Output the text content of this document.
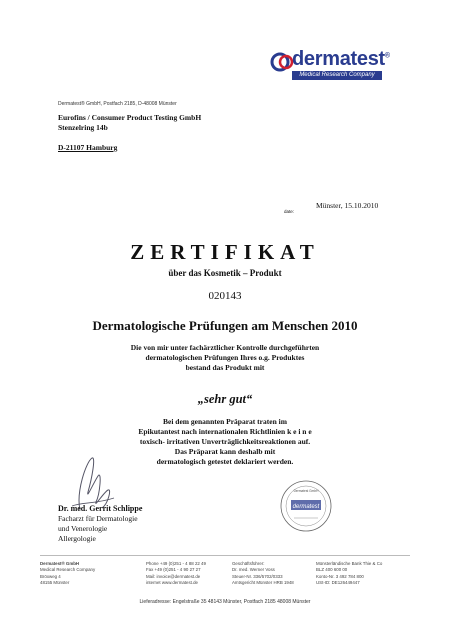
dermatest®
Medical Research Company
Dermatest® GmbH, Postfach 2185, D-48008 Münster
Eurofins / Consumer Product Testing GmbH
Stenzelring 14b
D-21107 Hamburg
Münster, 15.10.2010
date:
ZERTIFIKAT
über das Kosmetik – Produkt
020143
Dermatologische Prüfungen am Menschen 2010
Die von mir unter fachärztlicher Kontrolle durchgeführten
dermatologischen Prüfungen Ihres o.g. Produktes
bestand das Produkt mit
„sehr gut“
Bei dem genannten Präparat traten im
Epikutantest nach internationalen Richtlinien k e i n e
toxisch- irritativen Unverträglichkeitsreaktionen auf.
Das Präparat kann deshalb mit
dermatologisch getestet deklariert werden.
Dr. med. Gerrit Schlippe
Facharzt für Dermatologie
und Venerologie
Allergologie
dermatest
Dermatest GmbH
Dermatest® GmbH
Medical Research Company
Bröxweg 4
48155 Münster
Phone +49 (0)251 - 4 88 22 49
Fax +49 (0)251 - 4 90 27 27
Mail: invoice@dermatest.de
internet www.dermatest.de
Geschäftsführer:
Dr. med. Werner Voss
Steuer-Nr. 336/5702/0333
Amtsgericht Münster HRB 1948
Münsterländische Bank Thie & Co
BLZ 400 600 00
Konto-Nr. 3 492 784 800
USt-ID: DE126449447
Lieferadresse: Engelstraße 35 48143 Münster, Postfach 2185 48008 Münster
